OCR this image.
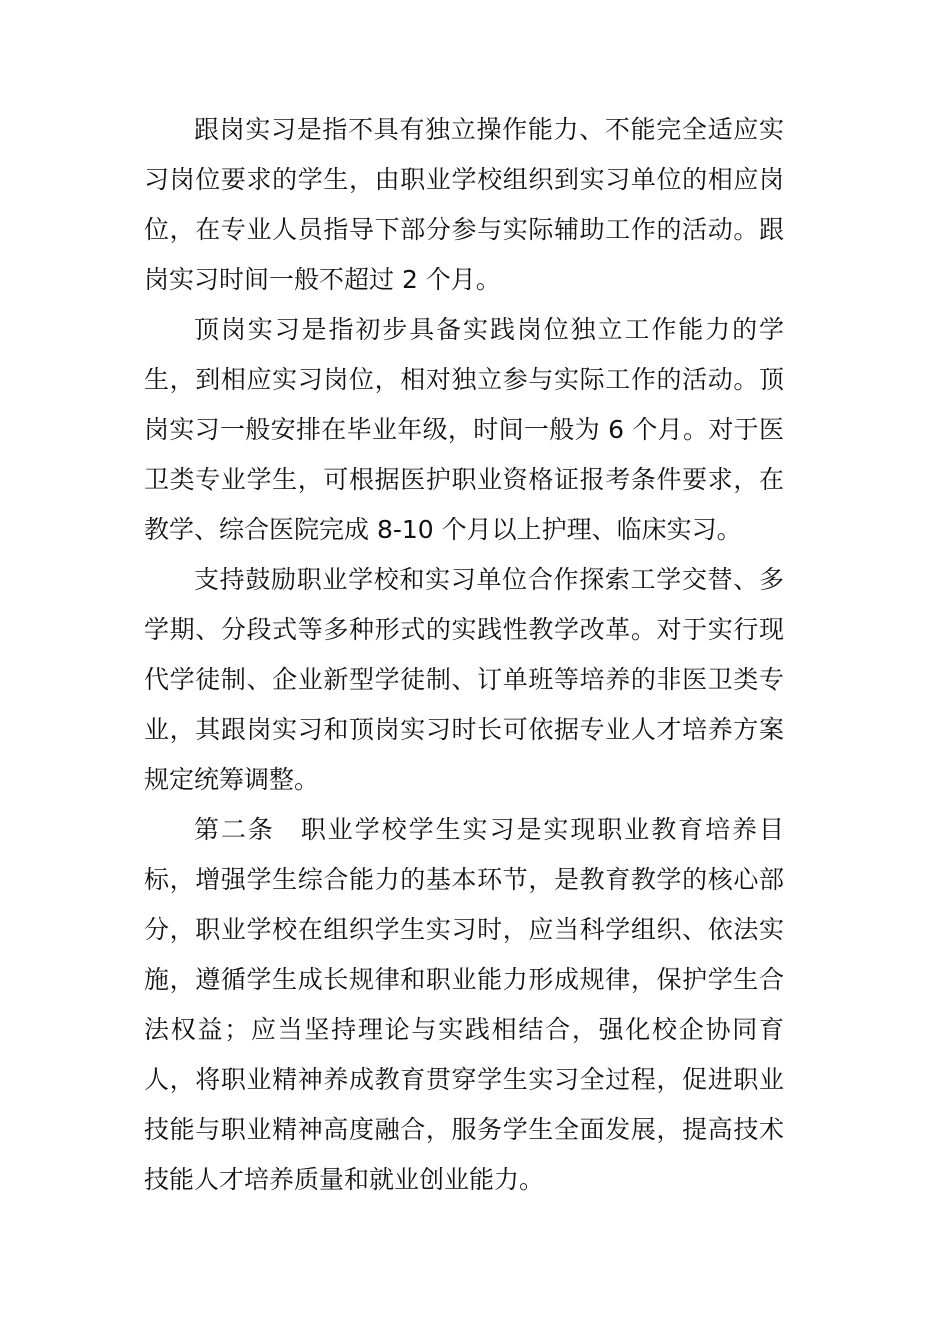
跟岗实习是指不具有独立操作能力、不能完全适应实习岗位要求的学生，由职业学校组织到实习单位的相应岗位，在专业人员指导下部分参与实际辅助工作的活动。跟岗实习时间一般不超过 2 个月。

顶岗实习是指初步具备实践岗位独立工作能力的学生，到相应实习岗位，相对独立参与实际工作的活动。顶岗实习一般安排在毕业年级，时间一般为 6 个月。对于医卫类专业学生，可根据医护职业资格证报考条件要求，在教学、综合医院完成 8-10 个月以上护理、临床实习。

支持鼓励职业学校和实习单位合作探索工学交替、多学期、分段式等多种形式的实践性教学改革。对于实行现代学徒制、企业新型学徒制、订单班等培养的非医卫类专业，其跟岗实习和顶岗实习时长可依据专业人才培养方案规定统筹调整。

第二条 职业学校学生实习是实现职业教育培养目标，增强学生综合能力的基本环节，是教育教学的核心部分，职业学校在组织学生实习时，应当科学组织、依法实施，遵循学生成长规律和职业能力形成规律，保护学生合法权益；应当坚持理论与实践相结合，强化校企协同育人，将职业精神养成教育贯穿学生实习全过程，促进职业技能与职业精神高度融合，服务学生全面发展，提高技术技能人才培养质量和就业创业能力。
